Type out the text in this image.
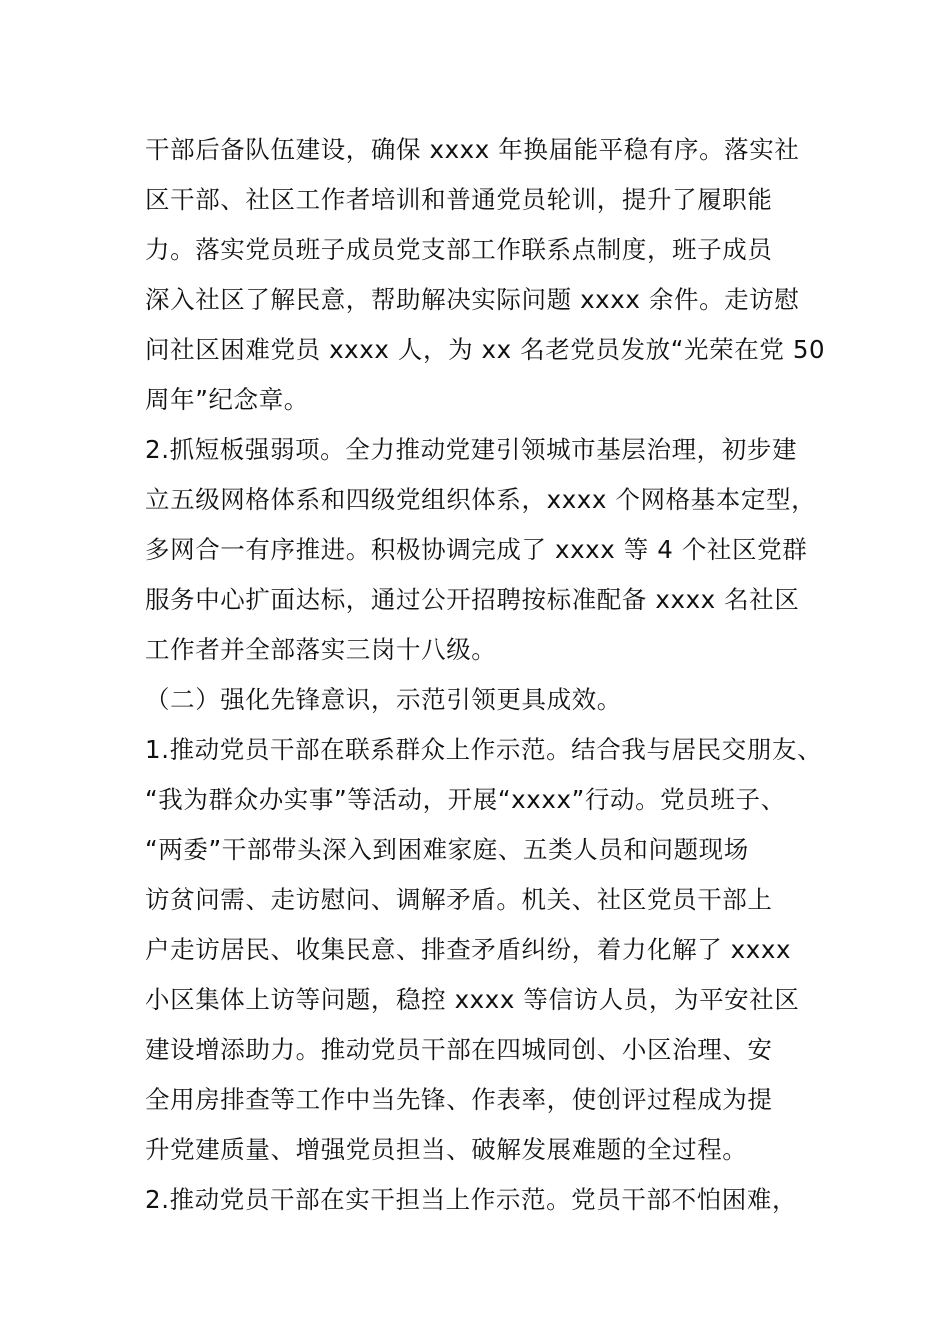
干部后备队伍建设，确保 xxxx 年换届能平稳有序。落实社

区干部、社区工作者培训和普通党员轮训，提升了履职能

力。落实党员班子成员党支部工作联系点制度，班子成员

深入社区了解民意，帮助解决实际问题 xxxx 余件。走访慰

问社区困难党员 xxxx 人，为 xx 名老党员发放“光荣在党 50

周年”纪念章。

2.抓短板强弱项。全力推动党建引领城市基层治理，初步建

立五级网格体系和四级党组织体系，xxxx 个网格基本定型，

多网合一有序推进。积极协调完成了 xxxx 等 4 个社区党群

服务中心扩面达标，通过公开招聘按标准配备 xxxx 名社区

工作者并全部落实三岗十八级。

（二）强化先锋意识，示范引领更具成效。

1.推动党员干部在联系群众上作示范。结合我与居民交朋友、

“我为群众办实事”等活动，开展“xxxx”行动。党员班子、

“两委”干部带头深入到困难家庭、五类人员和问题现场

访贫问需、走访慰问、调解矛盾。机关、社区党员干部上

户走访居民、收集民意、排查矛盾纠纷，着力化解了 xxxx

小区集体上访等问题，稳控 xxxx 等信访人员，为平安社区

建设增添助力。推动党员干部在四城同创、小区治理、安

全用房排查等工作中当先锋、作表率，使创评过程成为提

升党建质量、增强党员担当、破解发展难题的全过程。

2.推动党员干部在实干担当上作示范。党员干部不怕困难，
